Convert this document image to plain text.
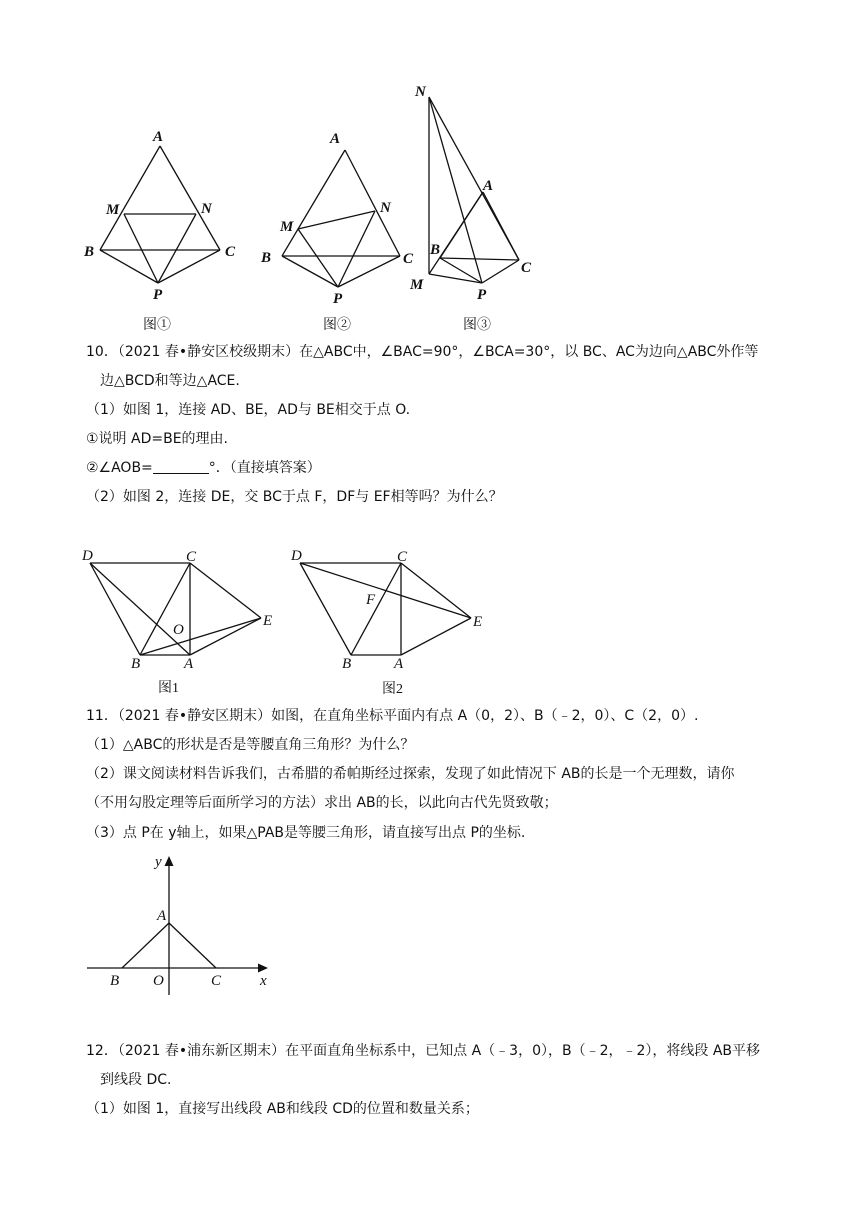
A
M	N
B	C
P
A
M
N
B	C
P
N
A
B
C
M
P
图①	图②	图③
10．（2021 春•静安区校级期末）在△ABC中，∠BAC=90°，∠BCA=30°，以 BC、AC为边向△ABC外作等
边△BCD和等边△ACE.
（1）如图 1，连接 AD、BE，AD与 BE相交于点 O.
①说明 AD=BE的理由.
②∠AOB=	°．（直接填答案）
（2）如图 2，连接 DE，交 BC于点 F，DF与 EF相等吗？为什么？
D	C
O
E
B	A
D	C
F
E
B	A
图1	图2
11．（2021 春•静安区期末）如图，在直角坐标平面内有点 A（0，2）、B（﹣2，0）、C（2，0）.
（1）△ABC的形状是否是等腰直角三角形？为什么？
（2）课文阅读材料告诉我们，古希腊的希帕斯经过探索，发现了如此情况下 AB的长是一个无理数，请你
（不用勾股定理等后面所学习的方法）求出 AB的长，以此向古代先贤致敬；
（3）点 P在 y轴上，如果△PAB是等腰三角形，请直接写出点 P的坐标.
y
A
B O	C	x
12．（2021 春•浦东新区期末）在平面直角坐标系中，已知点 A（﹣3，0），B（﹣2，﹣2），将线段 AB平移
到线段 DC.
（1）如图 1，直接写出线段 AB和线段 CD的位置和数量关系；
